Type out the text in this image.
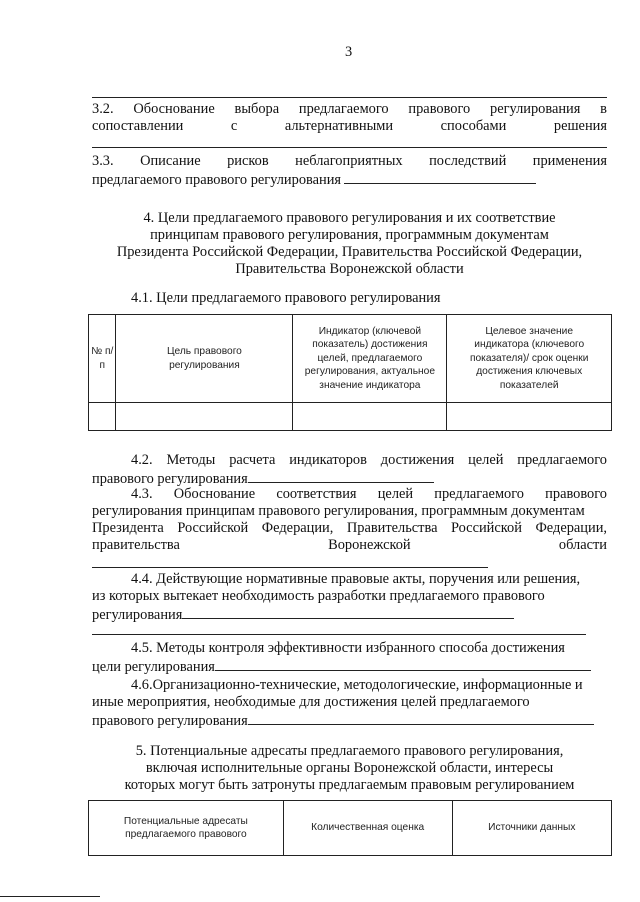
3
3.2. Обоснование выбора предлагаемого правового регулирования в
сопоставлении	с	альтернативными	способами	решения
3.3. Описание рисков неблагоприятных последствий применения
предлагаемого правового регулирования
4. Цели предлагаемого правового регулирования и их соответствие
принципам правового регулирования, программным документам
Президента Российской Федерации, Правительства Российской Федерации,
Правительства Воронежской области
4.1. Цели предлагаемого правового регулирования
№ п/п	Цель правового регулирования	Индикатор (ключевой показатель) достижения целей, предлагаемого регулирования, актуальное значение индикатора	Целевое значение индикатора (ключевого показателя)/ срок оценки достижения ключевых показателей

4.2. Методы расчета индикаторов достижения целей предлагаемого
правового регулирования
4.3. Обоснование соответствия целей предлагаемого правового
регулирования принципам правового регулирования, программным документам
Президента Российской Федерации, Правительства Российской Федерации,
правительства	Воронежской	области
4.4. Действующие нормативные правовые акты, поручения или решения,
из которых вытекает необходимость разработки предлагаемого правового
регулирования
4.5. Методы контроля эффективности избранного способа достижения
цели регулирования
4.6.Организационно-технические, методологические, информационные и
иные мероприятия, необходимые для достижения целей предлагаемого
правового регулирования
5. Потенциальные адресаты предлагаемого правового регулирования,
включая исполнительные органы Воронежской области, интересы
которых могут быть затронуты предлагаемым правовым регулированием
Потенциальные адресаты предлагаемого правового	Количественная оценка	Источники данных
